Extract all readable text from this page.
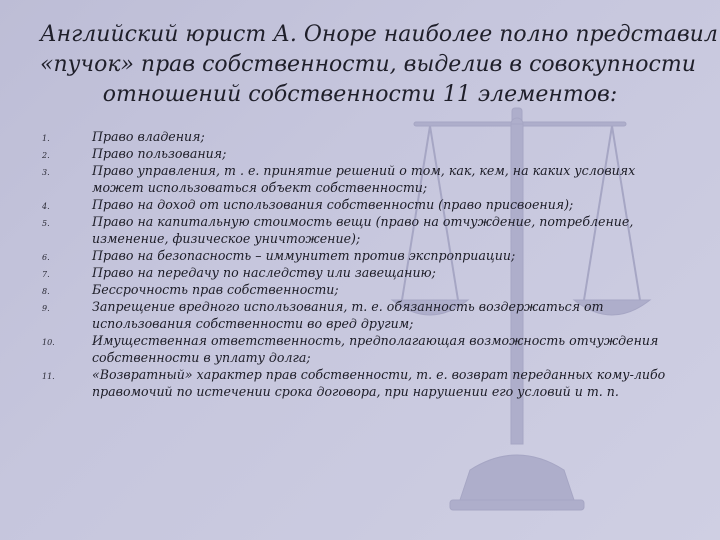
Английский юрист А. Оноре наиболее полно представил
«пучок» прав собственности, выделив в совокупности
отношений собственности 11 элементов:
1.	Право владения;
2.	Право пользования;
3.	Право управления, т . е. принятие решений о том, как, кем, на каких условиях может использоваться объект собственности;
4.	Право на доход от использования собственности (право присвоения);
5.	Право на капитальную стоимость вещи (право на отчуждение, потребление, изменение, физическое уничтожение);
6.	Право на безопасность – иммунитет против экспроприации;
7.	Право на передачу по наследству или завещанию;
8.	Бессрочность прав собственности;
9.	Запрещение вредного использования, т. е. обязанность воздержаться от использования собственности во вред другим;
10.	Имущественная ответственность, предполагающая возможность отчуждения собственности в уплату долга;
11.	«Возвратный» характер прав собственности, т. е. возврат переданных кому-либо правомочий по истечении срока договора, при нарушении его условий и т. п.
